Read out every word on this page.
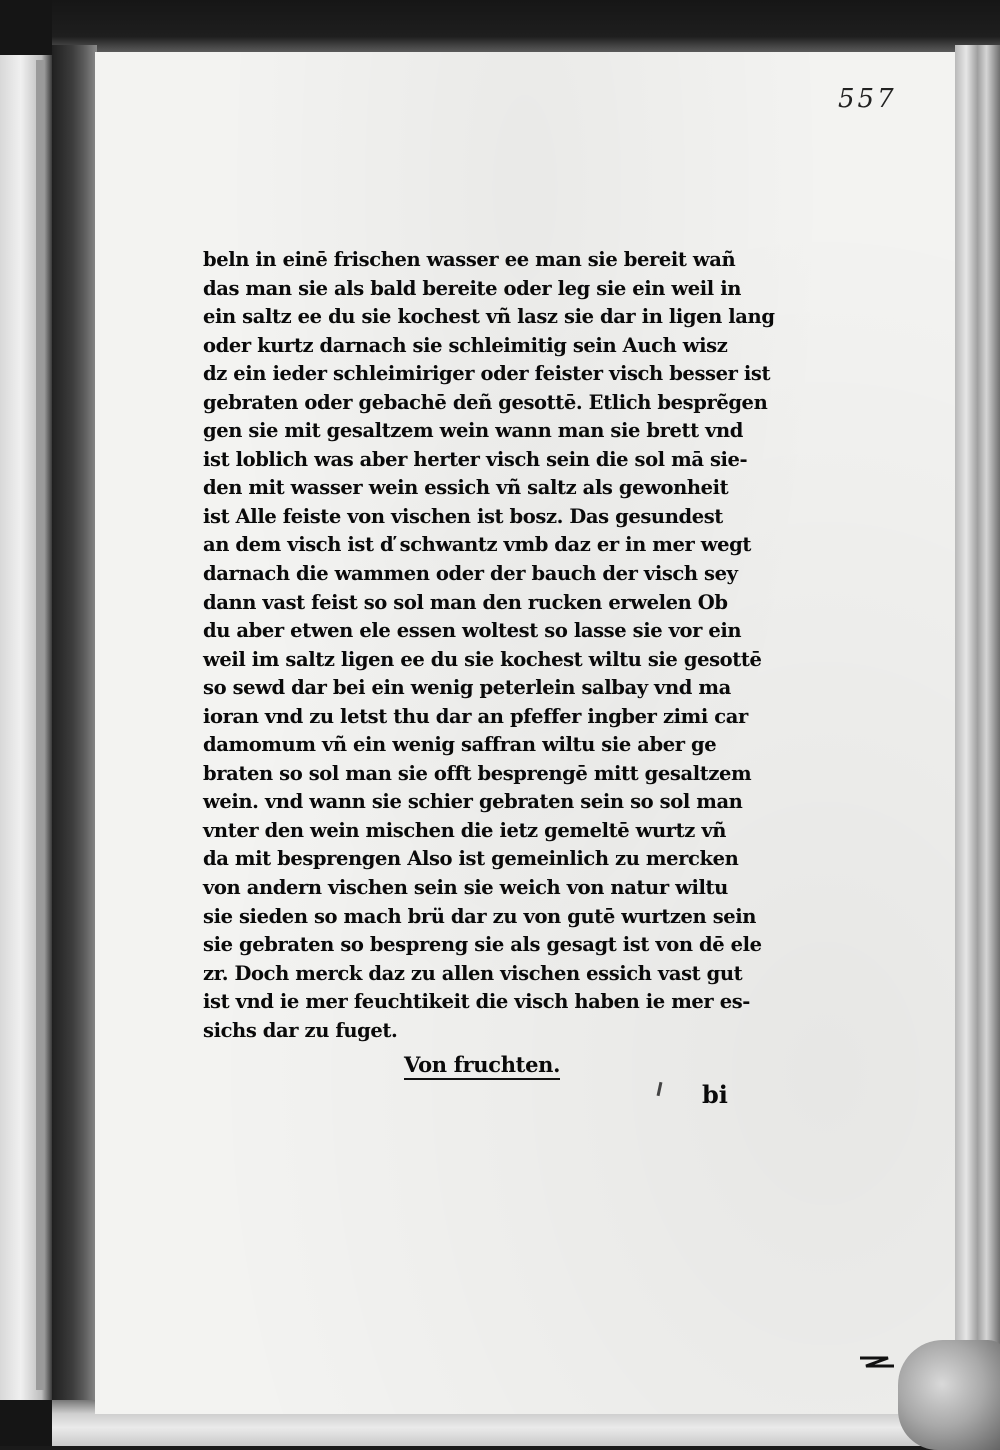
557
beln in einē frischen wasser ee man sie bereit wañ
das man sie als bald bereite oder leg sie ein weil in
ein saltz ee du sie kochest vñ lasz sie dar in ligen lang
oder kurtz darnach sie schleimitig sein Auch wisz
dz ein ieder schleimiriger oder feister visch besser ist
gebraten oder gebachē deñ gesottē. Etlich besprẽgen
gen sie mit gesaltzem wein wann man sie brett vnd
ist loblich was aber herter visch sein die sol mā sie-
den mit wasser wein essich vñ saltz als gewonheit
ist Alle feiste von vischen ist bosz. Das gesundest
an dem visch ist ď schwantz vmb daz er in mer wegt
darnach die wammen oder der bauch der visch sey
dann vast feist so sol man den rucken erwelen Ob
du aber etwen ele essen woltest so lasse sie vor ein
weil im saltz ligen ee du sie kochest wiltu sie gesottē
so sewd dar bei ein wenig peterlein salbay vnd ma
ioran vnd zu letst thu dar an pfeffer ingber zimi car
damomum vñ ein wenig saffran wiltu sie aber ge
braten so sol man sie offt besprengē mitt gesaltzem
wein. vnd wann sie schier gebraten sein so sol man
vnter den wein mischen die ietz gemeltē wurtz vñ
da mit besprengen Also ist gemeinlich zu mercken
von andern vischen sein sie weich von natur wiltu
sie sieden so mach brü dar zu von gutē wurtzen sein
sie gebraten so bespreng sie als gesagt ist von dē ele
zr. Doch merck daz zu allen vischen essich vast gut
ist vnd ie mer feuchtikeit die visch haben ie mer es-
sichs dar zu fuget.
Von fruchten.
bi
